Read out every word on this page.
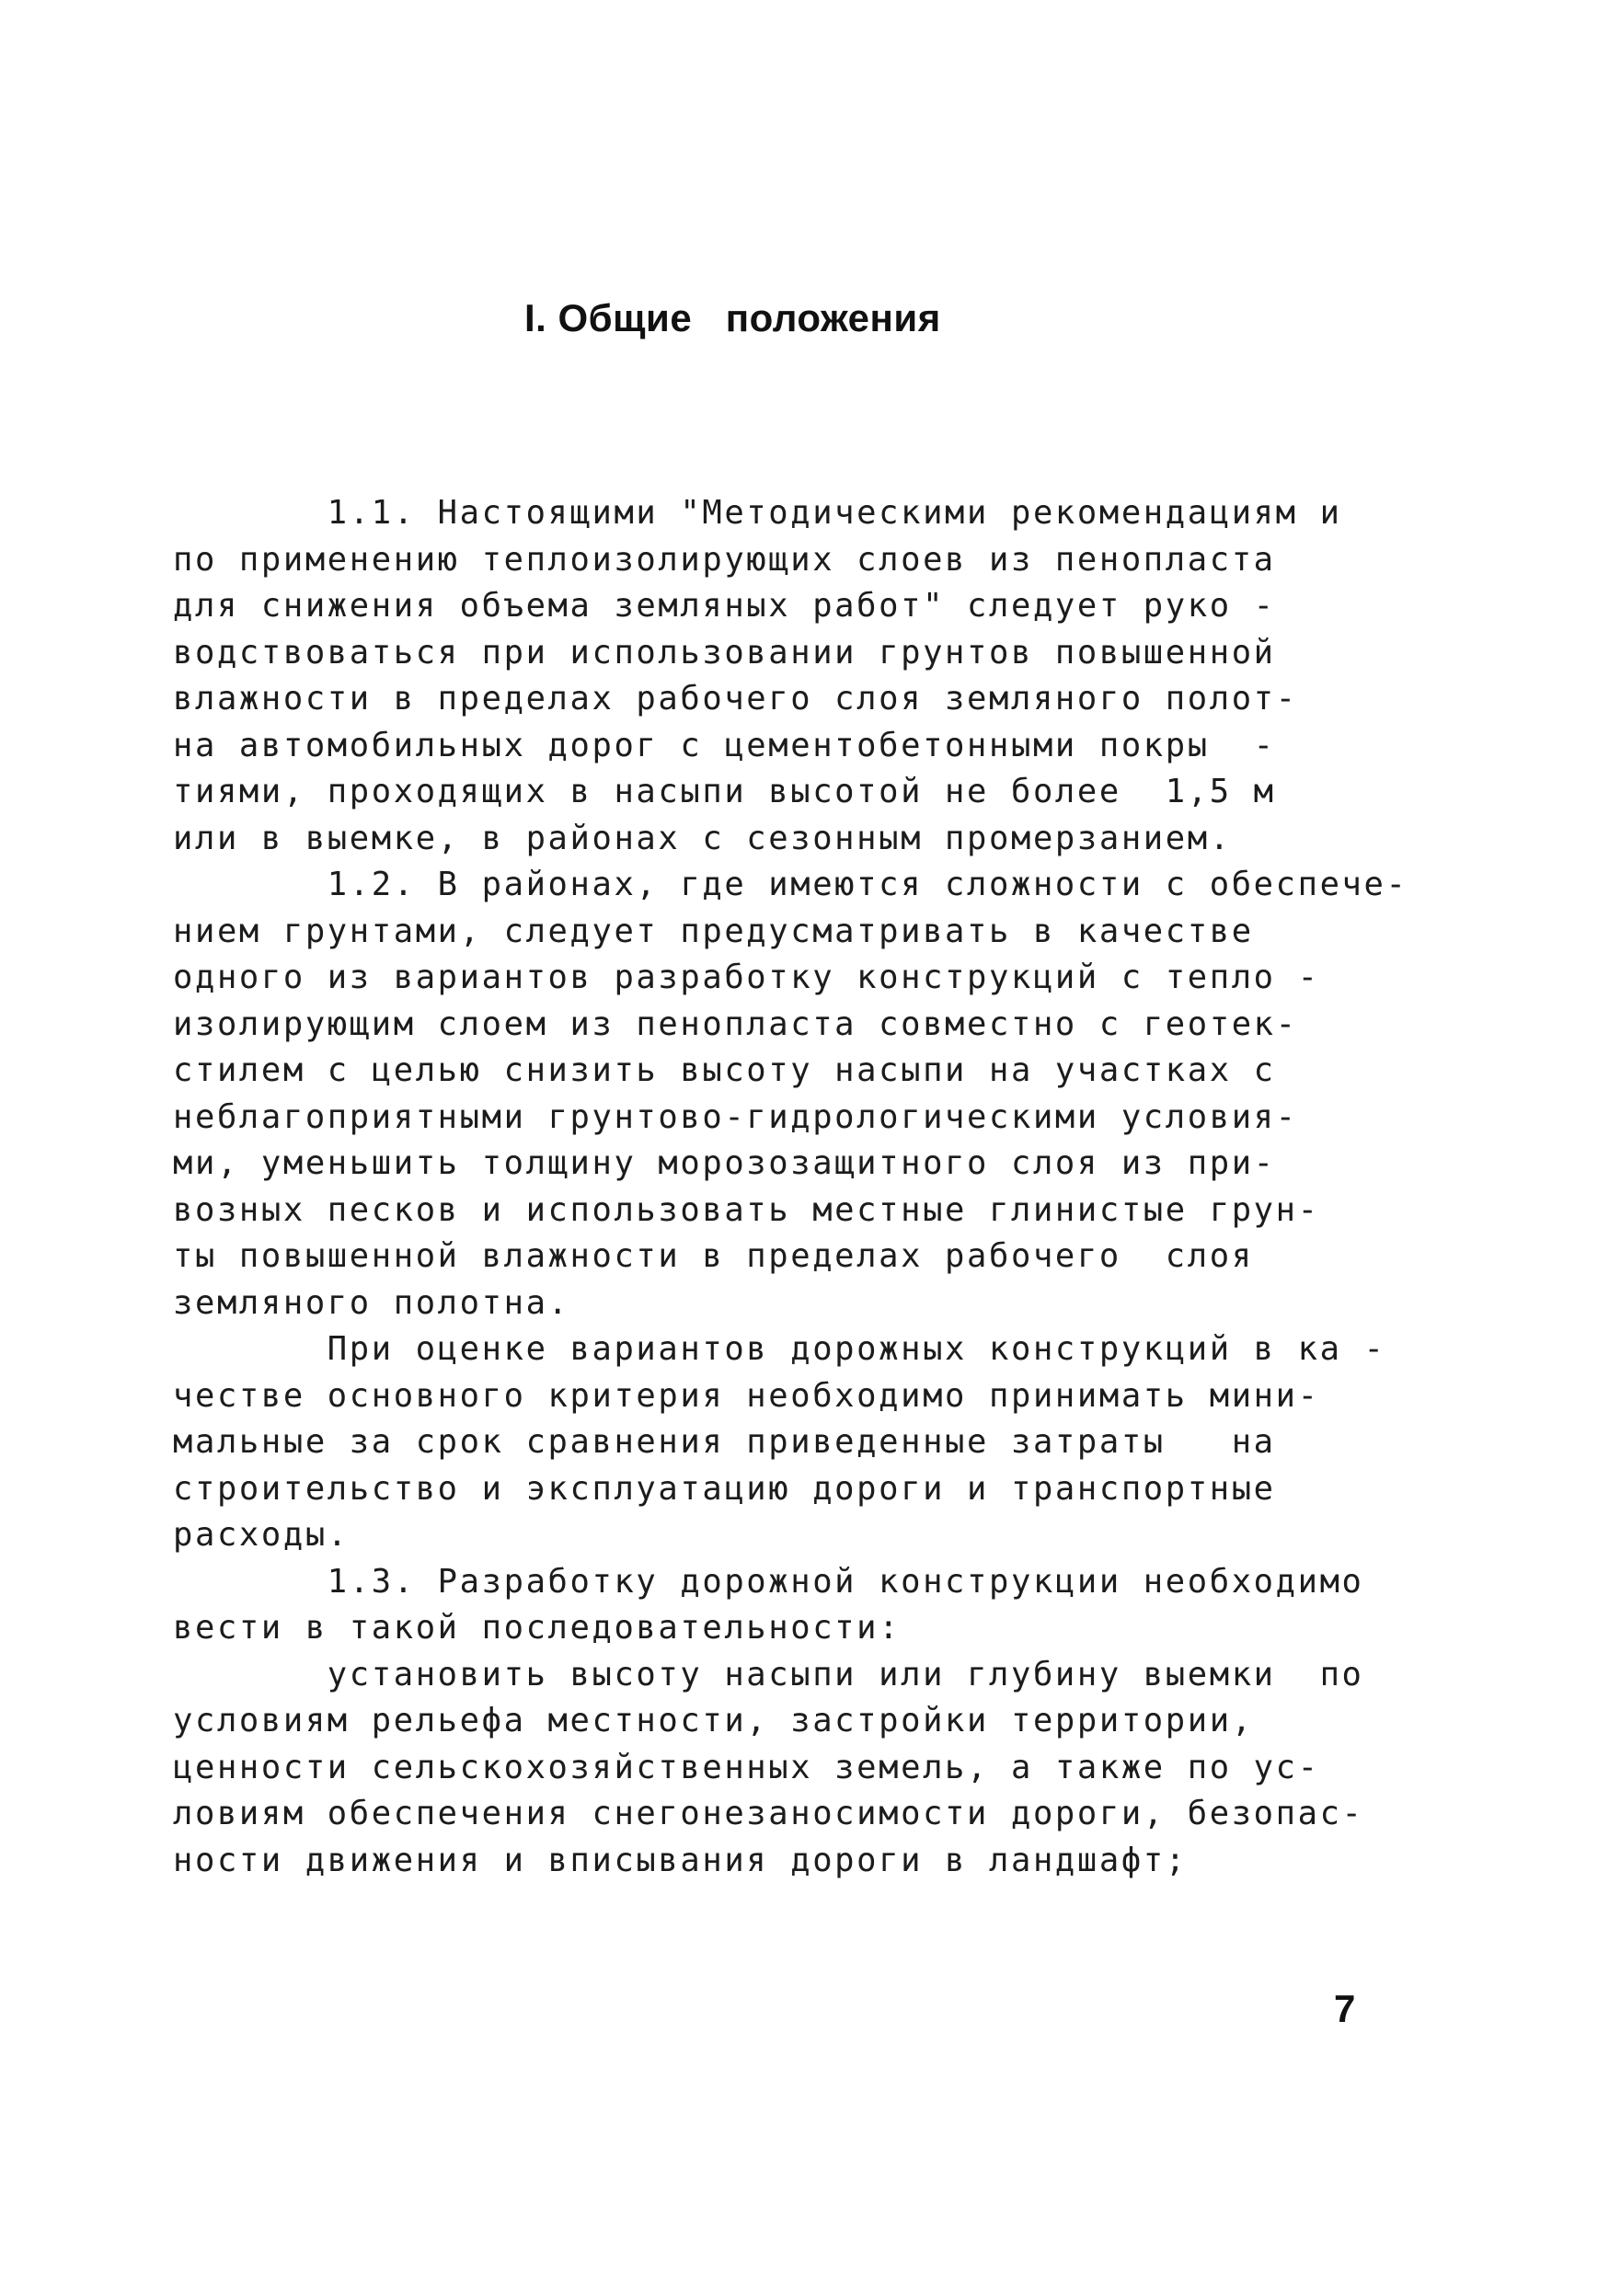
I. Общие   положения
1.1. Настоящими "Методическими рекомендациям и
по применению теплоизолирующих слоев из пенопласта
для снижения объема земляных работ" следует руко -
водствоваться при использовании грунтов повышенной
влажности в пределах рабочего слоя земляного полот-
на автомобильных дорог с цементобетонными покры  -
тиями, проходящих в насыпи высотой не более  1,5 м
или в выемке, в районах с сезонным промерзанием.
1.2. В районах, где имеются сложности с обеспече-
нием грунтами, следует предусматривать в качестве
одного из вариантов разработку конструкций с тепло -
изолирующим слоем из пенопласта совместно с геотек-
стилем с целью снизить высоту насыпи на участках с
неблагоприятными грунтово-гидрологическими условия-
ми, уменьшить толщину морозозащитного слоя из при-
возных песков и использовать местные глинистые грун-
ты повышенной влажности в пределах рабочего  слоя
земляного полотна.
При оценке вариантов дорожных конструкций в ка -
честве основного критерия необходимо принимать мини-
мальные за срок сравнения приведенные затраты   на
строительство и эксплуатацию дороги и транспортные
расходы.
1.3. Разработку дорожной конструкции необходимо
вести в такой последовательности:
установить высоту насыпи или глубину выемки  по
условиям рельефа местности, застройки территории,
ценности сельскохозяйственных земель, а также по ус-
ловиям обеспечения снегонезаносимости дороги, безопас-
ности движения и вписывания дороги в ландшафт;
7
